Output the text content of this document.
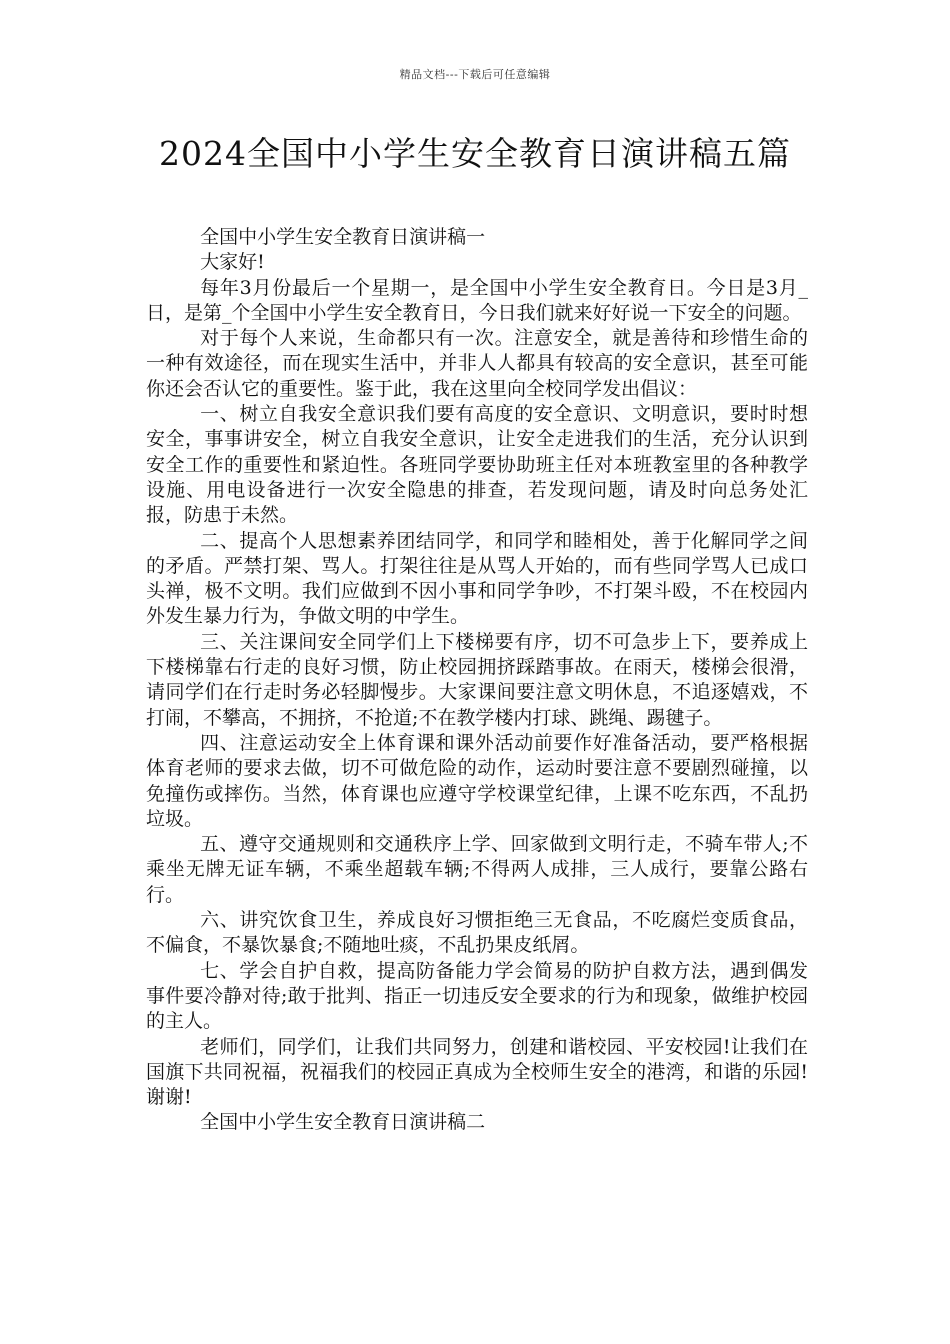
精品文档---下载后可任意编辑
2024全国中小学生安全教育日演讲稿五篇

全国中小学生安全教育日演讲稿一

大家好!

每年3月份最后一个星期一，是全国中小学生安全教育日。今日是3月_日，是第_个全国中小学生安全教育日，今日我们就来好好说一下安全的问题。

对于每个人来说，生命都只有一次。注意安全，就是善待和珍惜生命的一种有效途径，而在现实生活中，并非人人都具有较高的安全意识，甚至可能你还会否认它的重要性。鉴于此，我在这里向全校同学发出倡议：

一、树立自我安全意识我们要有高度的安全意识、文明意识，要时时想安全，事事讲安全，树立自我安全意识，让安全走进我们的生活，充分认识到安全工作的重要性和紧迫性。各班同学要协助班主任对本班教室里的各种教学设施、用电设备进行一次安全隐患的排查，若发现问题，请及时向总务处汇报，防患于未然。

二、提高个人思想素养团结同学，和同学和睦相处，善于化解同学之间的矛盾。严禁打架、骂人。打架往往是从骂人开始的，而有些同学骂人已成口头禅，极不文明。我们应做到不因小事和同学争吵，不打架斗殴，不在校园内外发生暴力行为，争做文明的中学生。

三、关注课间安全同学们上下楼梯要有序，切不可急步上下，要养成上下楼梯靠右行走的良好习惯，防止校园拥挤踩踏事故。在雨天，楼梯会很滑，请同学们在行走时务必轻脚慢步。大家课间要注意文明休息，不追逐嬉戏，不打闹，不攀高，不拥挤，不抢道;不在教学楼内打球、跳绳、踢毽子。

四、注意运动安全上体育课和课外活动前要作好准备活动，要严格根据体育老师的要求去做，切不可做危险的动作，运动时要注意不要剧烈碰撞，以免撞伤或摔伤。当然，体育课也应遵守学校课堂纪律，上课不吃东西，不乱扔垃圾。

五、遵守交通规则和交通秩序上学、回家做到文明行走，不骑车带人;不乘坐无牌无证车辆，不乘坐超载车辆;不得两人成排，三人成行，要靠公路右行。

六、讲究饮食卫生，养成良好习惯拒绝三无食品，不吃腐烂变质食品，不偏食，不暴饮暴食;不随地吐痰，不乱扔果皮纸屑。

七、学会自护自救，提高防备能力学会简易的防护自救方法，遇到偶发事件要冷静对待;敢于批判、指正一切违反安全要求的行为和现象，做维护校园的主人。

老师们，同学们，让我们共同努力，创建和谐校园、平安校园!让我们在国旗下共同祝福，祝福我们的校园正真成为全校师生安全的港湾，和谐的乐园!谢谢!

全国中小学生安全教育日演讲稿二
